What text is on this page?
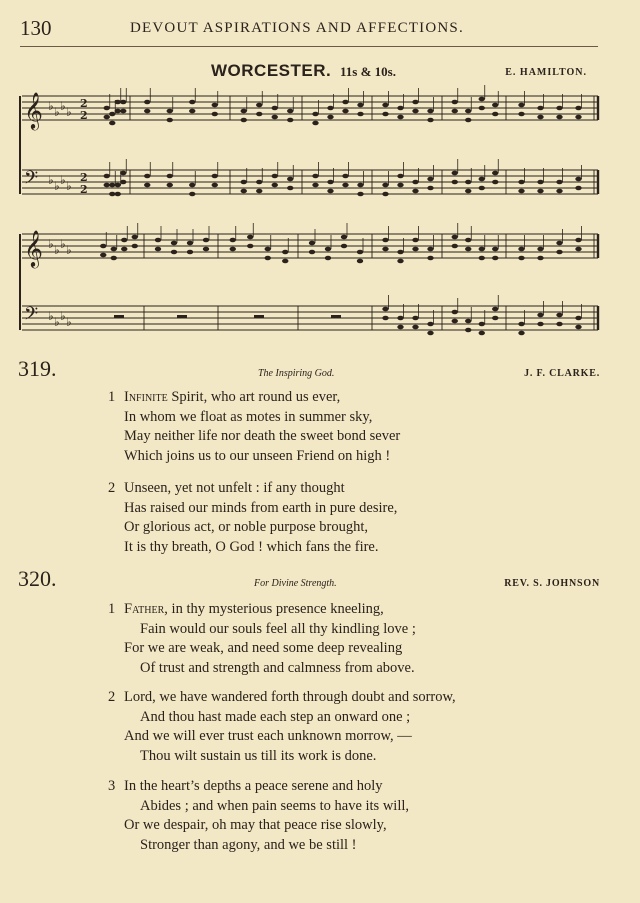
130	DEVOUT ASPIRATIONS AND AFFECTIONS.
WORCESTER. 11s & 10s.	E. HAMILTON.
𝄞 ♭ ♭ ♭ ♭
2
2
𝄢 ♭ ♭ ♭ ♭
2
2
𝄞 ♭ ♭ ♭ ♭
𝄢 ♭ ♭ ♭ ♭
319.	The Inspiring God.	J. F. CLARKE.
1 Infinite Spirit, who art round us ever,
In whom we float as motes in summer sky,
May neither life nor death the sweet bond sever
Which joins us to our unseen Friend on high !
2 Unseen, yet not unfelt : if any thought
Has raised our minds from earth in pure desire,
Or glorious act, or noble purpose brought,
It is thy breath, O God ! which fans the fire.
320.	For Divine Strength.	REV. S. JOHNSON
1 Father, in thy mysterious presence kneeling,
Fain would our souls feel all thy kindling love ;
For we are weak, and need some deep revealing
Of trust and strength and calmness from above.
2 Lord, we have wandered forth through doubt and sorrow,
And thou hast made each step an onward one ;
And we will ever trust each unknown morrow, —
Thou wilt sustain us till its work is done.
3 In the heart’s depths a peace serene and holy
Abides ; and when pain seems to have its will,
Or we despair, oh may that peace rise slowly,
Stronger than agony, and we be still !
